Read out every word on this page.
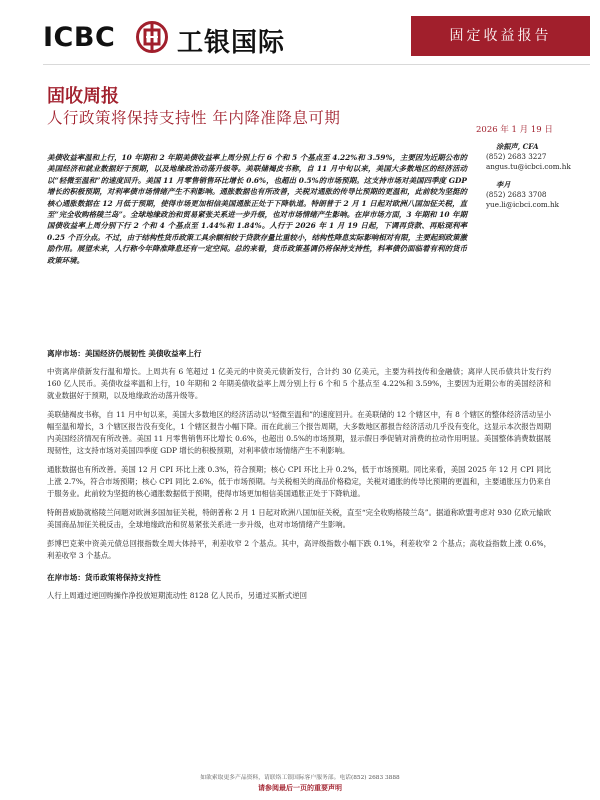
ICBC 工银国际	固定收益报告
固收周报
人行政策将保持支持性 年内降准降息可期
2026 年 1 月 19 日
涂振声, CFA
(852) 2683 3227
angus.tu@icbci.com.hk
李月
(852) 2683 3708
yue.li@icbci.com.hk
美债收益率温和上行，10 年期和 2 年期美债收益率上周分别上行 6 个和 5 个基点至 4.22%和 3.59%，主要因为近期公布的美国经济和就业数据好于预期，以及地缘政治动荡升级等。美联储褐皮书称，自 11 月中旬以来，美国大多数地区的经济活动以“轻微至温和”的速度回升。美国 11 月零售销售环比增长 0.6%，也超出 0.5%的市场预期。这支持市场对美国四季度 GDP 增长的积极预期，对利率债市场情绪产生不利影响。通胀数据也有所改善，关税对通胀的传导比预期的更温和，此前较为坚挺的核心通胀数据在 12 月低于预期，使得市场更加相信美国通胀正处于下降轨道。特朗普于 2 月 1 日起对欧洲八国加征关税，直至“完全收购格陵兰岛”。全球地缘政治和贸易紧张关系进一步升级，也对市场情绪产生影响。在岸市场方面，3 年期和 10 年期国债收益率上周分别下行 2 个和 4 个基点至 1.44%和 1.84%。人行于 2026 年 1 月 19 日起，下调再贷款、再贴现利率 0.25 个百分点。不过，由于结构性货币政策工具余额相较于贷款存量比重较小，结构性降息实际影响相对有限，主要起到政策激励作用。展望未来，人行称今年降准降息还有一定空间。总的来看，货币政策基调仍将保持支持性，料率债仍面临着有利的货币政策环境。
离岸市场：美国经济仍展韧性 美债收益率上行

中资离岸债新发行温和增长。上周共有 6 笔超过 1 亿美元的中资美元债新发行，合计约 30 亿美元，主要为科技传和金融债；离岸人民币债共计发行约 160 亿人民币。美债收益率温和上行，10 年期和 2 年期美债收益率上周分别上行 6 个和 5 个基点至 4.22%和 3.59%，主要因为近期公布的美国经济和就业数据好于预期，以及地缘政治动荡升级等。

美联储褐皮书称，自 11 月中旬以来，美国大多数地区的经济活动以“轻微至温和”的速度回升。在美联储的 12 个辖区中，有 8 个辖区的整体经济活动呈小幅至温和增长，3 个辖区报告没有变化，1 个辖区报告小幅下降。而在此前三个报告周期，大多数地区都报告经济活动几乎没有变化，这显示本次报告周期内美国经济情况有所改善。美国 11 月零售销售环比增长 0.6%，也超出 0.5%的市场预期，显示假日季促销对消费的拉动作用明显。美国整体消费数据展现韧性，这支持市场对美国四季度 GDP 增长的积极预期，对利率债市场情绪产生不利影响。

通胀数据也有所改善。美国 12 月 CPI 环比上涨 0.3%，符合预期；核心 CPI 环比上升 0.2%，低于市场预期。同比来看，美国 2025 年 12 月 CPI 同比上涨 2.7%，符合市场预期；核心 CPI 同比 2.6%，低于市场预期。与关税相关的商品价格稳定，关税对通胀的传导比预期的更温和，主要通胀压力仍来自于服务业。此前较为坚挺的核心通胀数据低于预期，使得市场更加相信美国通胀正处于下降轨道。

特朗普威胁就格陵兰问题对欧洲多国加征关税，特朗普称 2 月 1 日起对欧洲八国加征关税，直至“完全收购格陵兰岛”。据道称欧盟考虑对 930 亿欧元输欧美国商品加征关税反击，全球地缘政治和贸易紧张关系进一步升级，也对市场情绪产生影响。

彭博巴克莱中资美元债总回报指数全周大体持平，利差收窄 2 个基点。其中，高评级指数小幅下跌 0.1%，利差收窄 2 个基点；高收益指数上涨 0.6%，利差收窄 3 个基点。

在岸市场：货币政策将保持支持性

人行上周通过逆回购操作净投放短期流动性 8128 亿人民币，另通过买断式逆回

如欲索取更多产品资料，请联络工银国际客户服务部。电话(852) 2683 3888
请参阅最后一页的重要声明
